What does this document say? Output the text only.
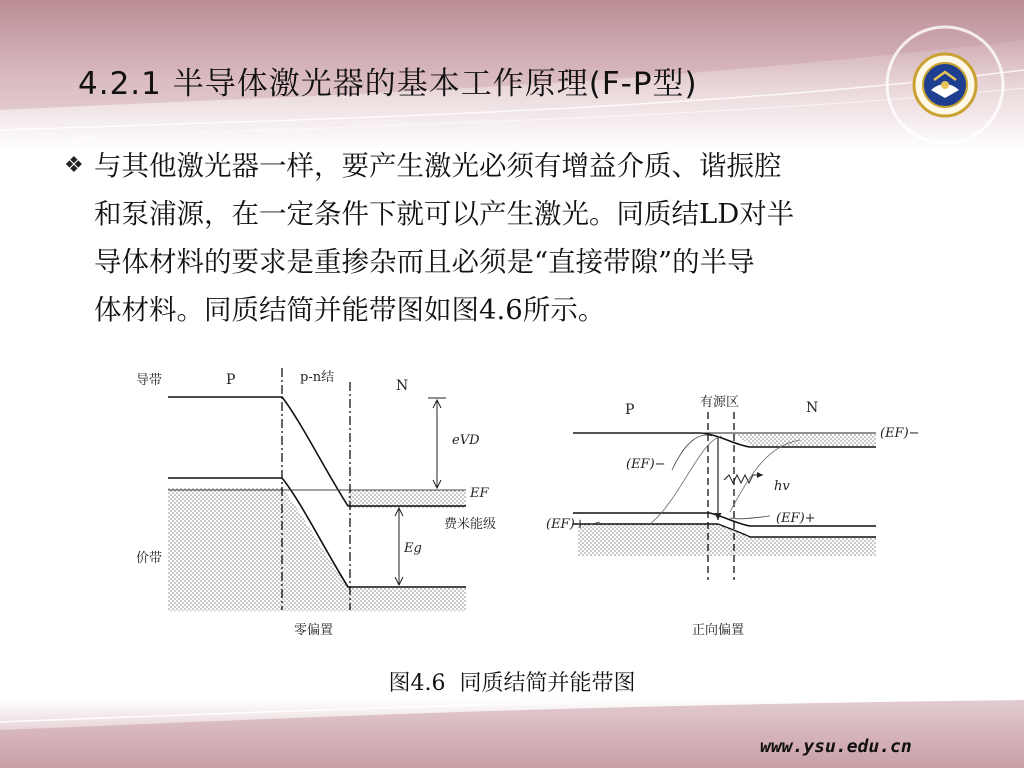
4.2.1 半导体激光器的基本工作原理(F-P型)
❖ 与其他激光器一样，要产生激光必须有增益介质、谐振腔
和泵浦源，在一定条件下就可以产生激光。同质结LD对半
导体材料的要求是重掺杂而且必须是“直接带隙”的半导
体材料。同质结简并能带图如图4.6所示。
导带
价带
P	p-n结
N
eVD
EF
费米能级
Eg
零偏置
P	有源区	N
(EF)−
(EF)−
hv
(EF)+
(EF)+
正向偏置
图4.6  同质结简并能带图
www.ysu.edu.cn
